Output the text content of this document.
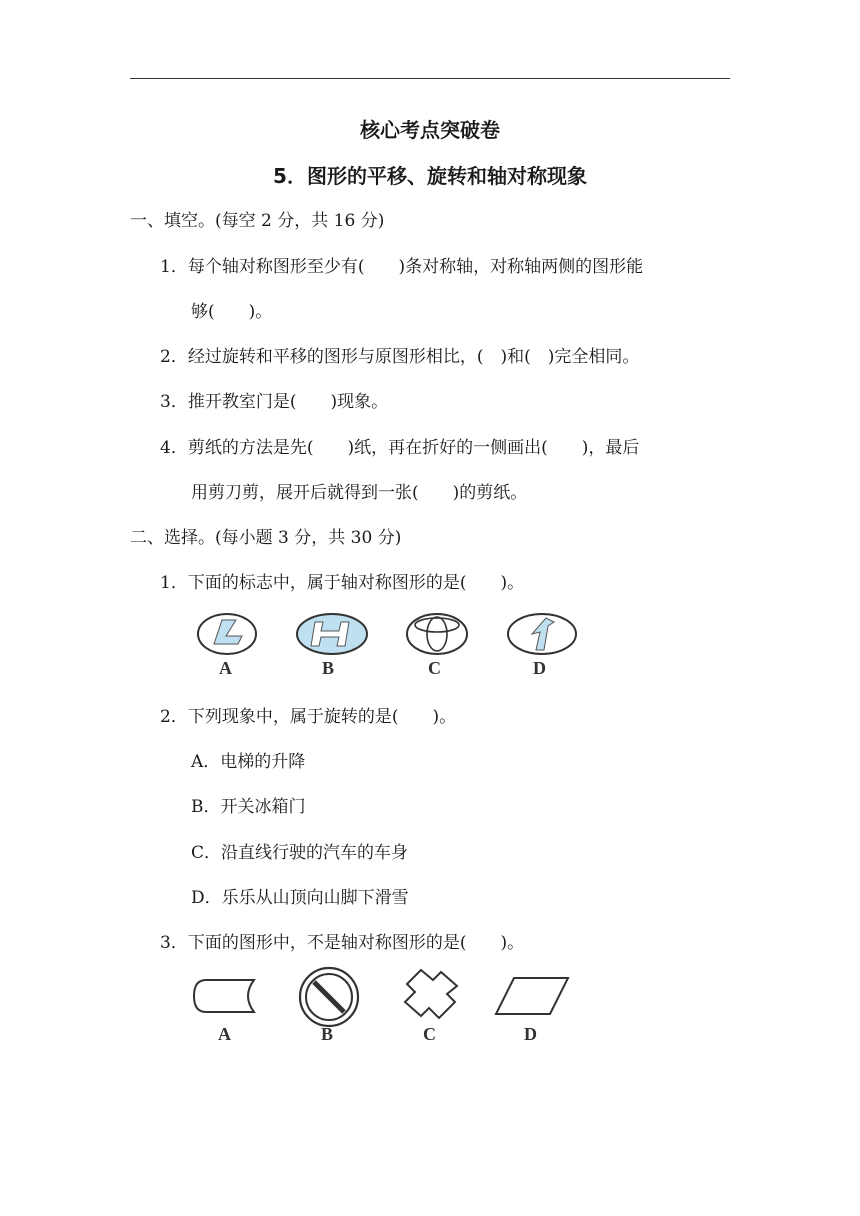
核心考点突破卷
5．图形的平移、旋转和轴对称现象
一、填空。(每空 2 分，共 16 分)
1．每个轴对称图形至少有(　　)条对称轴，对称轴两侧的图形能
够(　　)。
2．经过旋转和平移的图形与原图形相比，(　)和(　)完全相同。
3．推开教室门是(　　)现象。
4．剪纸的方法是先(　　)纸，再在折好的一侧画出(　　)，最后
用剪刀剪，展开后就得到一张(　　)的剪纸。
二、选择。(每小题 3 分，共 30 分)
1．下面的标志中，属于轴对称图形的是(　　)。
A	B	C	D
2．下列现象中，属于旋转的是(　　)。
A．电梯的升降
B．开关冰箱门
C．沿直线行驶的汽车的车身
D．乐乐从山顶向山脚下滑雪
3．下面的图形中，不是轴对称图形的是(　　)。
A	B	C	D
